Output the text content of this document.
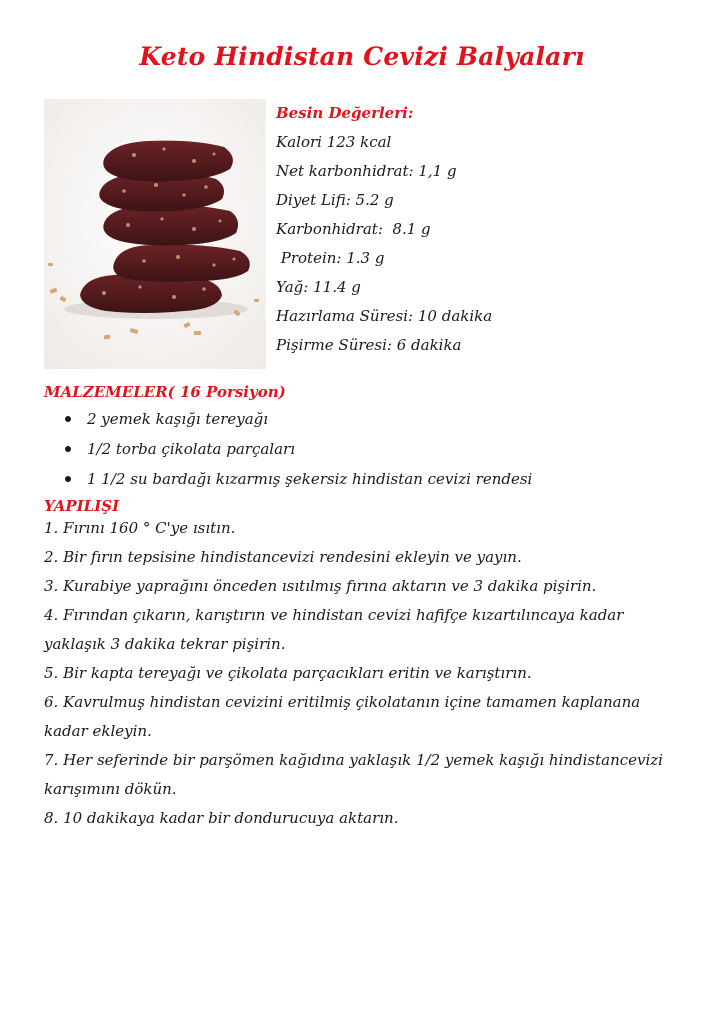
Keto Hindistan Cevizi Balyaları
Besin Değerleri:
Kalori 123 kcal
Net karbonhidrat: 1,1 g
Diyet Lifi: 5.2 g
Karbonhidrat:  8.1 g
Protein: 1.3 g
Yağ: 11.4 g
Hazırlama Süresi: 10 dakika
Pişirme Süresi: 6 dakika
MALZEMELER( 16 Porsiyon)
2 yemek kaşığı tereyağı
1/2 torba çikolata parçaları
1 1/2 su bardağı kızarmış şekersiz hindistan cevizi rendesi
YAPILIŞI

1. Fırını 160 ° C'ye ısıtın.

2. Bir fırın tepsisine hindistancevizi rendesini ekleyin ve yayın.

3. Kurabiye yaprağını önceden ısıtılmış fırına aktarın ve 3 dakika pişirin.

4. Fırından çıkarın, karıştırın ve hindistan cevizi hafifçe kızartılıncaya kadar yaklaşık 3 dakika tekrar pişirin.

5. Bir kapta tereyağı ve çikolata parçacıkları eritin ve karıştırın.

6. Kavrulmuş hindistan cevizini eritilmiş çikolatanın içine tamamen kaplanana kadar ekleyin.

7. Her seferinde bir parşömen kağıdına yaklaşık 1/2 yemek kaşığı hindistancevizi karışımını dökün.

8. 10 dakikaya kadar bir dondurucuya aktarın.
